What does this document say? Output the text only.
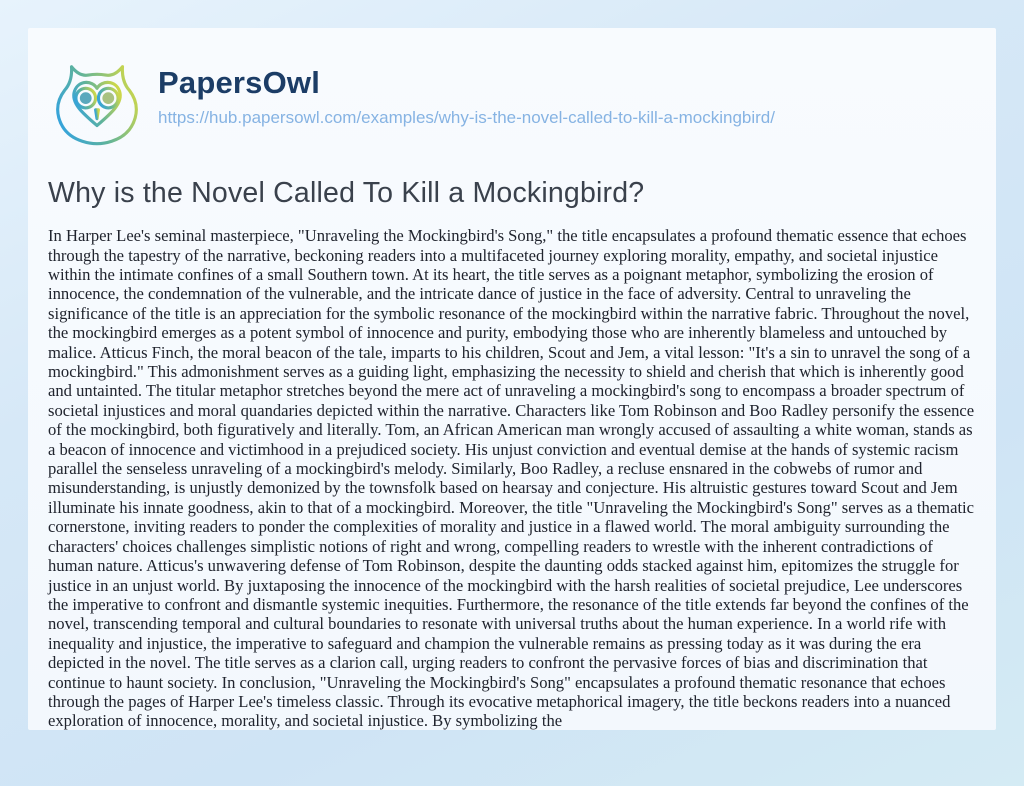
PapersOwl
https://hub.papersowl.com/examples/why-is-the-novel-called-to-kill-a-mockingbird/
Why is the Novel Called To Kill a Mockingbird?

In Harper Lee's seminal masterpiece, "Unraveling the Mockingbird's Song," the title encapsulates a profound thematic essence that echoes through the tapestry of the narrative, beckoning readers into a multifaceted journey exploring morality, empathy, and societal injustice within the intimate confines of a small Southern town. At its heart, the title serves as a poignant metaphor, symbolizing the erosion of innocence, the condemnation of the vulnerable, and the intricate dance of justice in the face of adversity. Central to unraveling the significance of the title is an appreciation for the symbolic resonance of the mockingbird within the narrative fabric. Throughout the novel, the mockingbird emerges as a potent symbol of innocence and purity, embodying those who are inherently blameless and untouched by malice. Atticus Finch, the moral beacon of the tale, imparts to his children, Scout and Jem, a vital lesson: "It's a sin to unravel the song of a mockingbird." This admonishment serves as a guiding light, emphasizing the necessity to shield and cherish that which is inherently good and untainted. The titular metaphor stretches beyond the mere act of unraveling a mockingbird's song to encompass a broader spectrum of societal injustices and moral quandaries depicted within the narrative. Characters like Tom Robinson and Boo Radley personify the essence of the mockingbird, both figuratively and literally. Tom, an African American man wrongly accused of assaulting a white woman, stands as a beacon of innocence and victimhood in a prejudiced society. His unjust conviction and eventual demise at the hands of systemic racism parallel the senseless unraveling of a mockingbird's melody. Similarly, Boo Radley, a recluse ensnared in the cobwebs of rumor and misunderstanding, is unjustly demonized by the townsfolk based on hearsay and conjecture. His altruistic gestures toward Scout and Jem illuminate his innate goodness, akin to that of a mockingbird. Moreover, the title "Unraveling the Mockingbird's Song" serves as a thematic cornerstone, inviting readers to ponder the complexities of morality and justice in a flawed world. The moral ambiguity surrounding the characters' choices challenges simplistic notions of right and wrong, compelling readers to wrestle with the inherent contradictions of human nature. Atticus's unwavering defense of Tom Robinson, despite the daunting odds stacked against him, epitomizes the struggle for justice in an unjust world. By juxtaposing the innocence of the mockingbird with the harsh realities of societal prejudice, Lee underscores the imperative to confront and dismantle systemic inequities. Furthermore, the resonance of the title extends far beyond the confines of the novel, transcending temporal and cultural boundaries to resonate with universal truths about the human experience. In a world rife with inequality and injustice, the imperative to safeguard and champion the vulnerable remains as pressing today as it was during the era depicted in the novel. The title serves as a clarion call, urging readers to confront the pervasive forces of bias and discrimination that continue to haunt society. In conclusion, "Unraveling the Mockingbird's Song" encapsulates a profound thematic resonance that echoes through the pages of Harper Lee's timeless classic. Through its evocative metaphorical imagery, the title beckons readers into a nuanced exploration of innocence, morality, and societal injustice. By symbolizing the
